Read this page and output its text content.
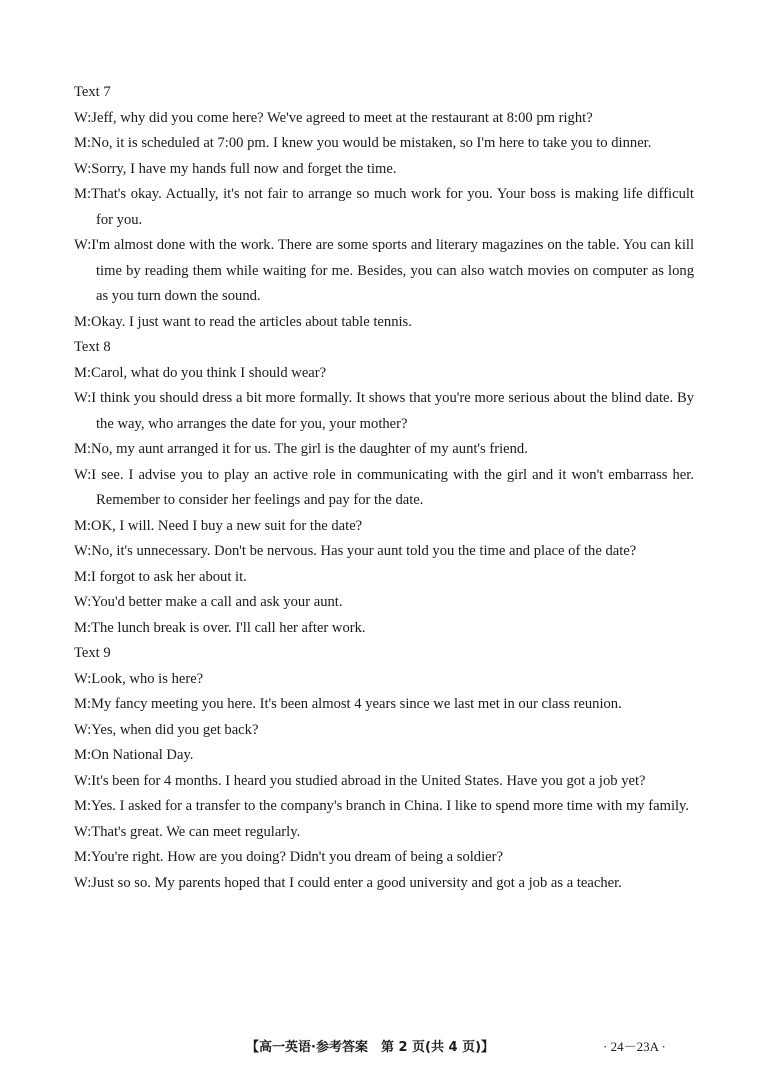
Text 7

W:Jeff, why did you come here? We've agreed to meet at the restaurant at 8:00 pm right?

M:No, it is scheduled at 7:00 pm. I knew you would be mistaken, so I'm here to take you to dinner.

W:Sorry, I have my hands full now and forget the time.

M:That's okay. Actually, it's not fair to arrange so much work for you. Your boss is making life difficult for you.

W:I'm almost done with the work. There are some sports and literary magazines on the table. You can kill time by reading them while waiting for me. Besides, you can also watch movies on computer as long as you turn down the sound.

M:Okay. I just want to read the articles about table tennis.

Text 8

M:Carol, what do you think I should wear?

W:I think you should dress a bit more formally. It shows that you're more serious about the blind date. By the way, who arranges the date for you, your mother?

M:No, my aunt arranged it for us. The girl is the daughter of my aunt's friend.

W:I see. I advise you to play an active role in communicating with the girl and it won't embarrass her. Remember to consider her feelings and pay for the date.

M:OK, I will. Need I buy a new suit for the date?

W:No, it's unnecessary. Don't be nervous. Has your aunt told you the time and place of the date?

M:I forgot to ask her about it.

W:You'd better make a call and ask your aunt.

M:The lunch break is over. I'll call her after work.

Text 9

W:Look, who is here?

M:My fancy meeting you here. It's been almost 4 years since we last met in our class reunion.

W:Yes, when did you get back?

M:On National Day.

W:It's been for 4 months. I heard you studied abroad in the United States. Have you got a job yet?

M:Yes. I asked for a transfer to the company's branch in China. I like to spend more time with my family.

W:That's great. We can meet regularly.

M:You're right. How are you doing? Didn't you dream of being a soldier?

W:Just so so. My parents hoped that I could enter a good university and got a job as a teacher.

【高一英语·参考答案　第 2 页(共 4 页)】	· 24－23A ·
